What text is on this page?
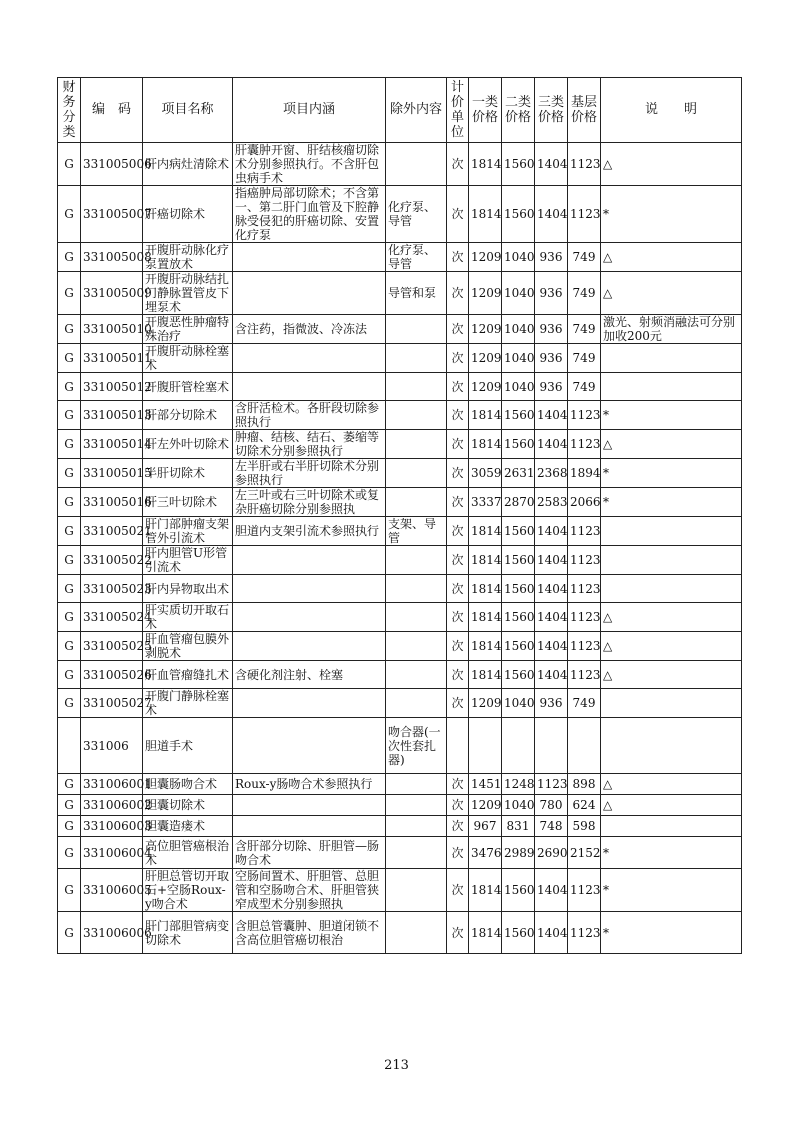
财务分类	编　码	项目名称	项目内涵	除外内容	计价单位	一类价格	二类价格	三类价格	基层价格	说　　明
G	331005006	肝内病灶清除术	肝囊肿开窗、肝结核瘤切除术分别参照执行。不含肝包虫病手术		次	1814	1560	1404	1123	△
G	331005007	肝癌切除术	指癌肿局部切除术；不含第一、第二肝门血管及下腔静脉受侵犯的肝癌切除、安置化疗泵	化疗泵、导管	次	1814	1560	1404	1123	*
G	331005008	开腹肝动脉化疗泵置放术		化疗泵、导管	次	1209	1040	936	749	△
G	331005009	开腹肝动脉结扎门静脉置管皮下埋泵术		导管和泵	次	1209	1040	936	749	△
G	331005010	开腹恶性肿瘤特殊治疗	含注药，指微波、冷冻法		次	1209	1040	936	749	激光、射频消融法可分别加收200元
G	331005011	开腹肝动脉栓塞术			次	1209	1040	936	749	
G	331005012	开腹肝管栓塞术			次	1209	1040	936	749	
G	331005013	肝部分切除术	含肝活检术。各肝段切除参照执行		次	1814	1560	1404	1123	*
G	331005014	肝左外叶切除术	肿瘤、结核、结石、萎缩等切除术分别参照执行		次	1814	1560	1404	1123	△
G	331005015	半肝切除术	左半肝或右半肝切除术分别参照执行		次	3059	2631	2368	1894	*
G	331005016	肝三叶切除术	左三叶或右三叶切除术或复杂肝癌切除分别参照执		次	3337	2870	2583	2066	*
G	331005021	肝门部肿瘤支架管外引流术	胆道内支架引流术参照执行	支架、导管	次	1814	1560	1404	1123	
G	331005022	肝内胆管U形管引流术			次	1814	1560	1404	1123	
G	331005023	肝内异物取出术			次	1814	1560	1404	1123	
G	331005024	肝实质切开取石术			次	1814	1560	1404	1123	△
G	331005025	肝血管瘤包膜外剥脱术			次	1814	1560	1404	1123	△
G	331005026	肝血管瘤缝扎术	含硬化剂注射、栓塞		次	1814	1560	1404	1123	△
G	331005027	开腹门静脉栓塞术			次	1209	1040	936	749	
	331006	胆道手术		吻合器(一次性套扎器)						
G	331006001	胆囊肠吻合术	Roux-y肠吻合术参照执行		次	1451	1248	1123	898	△
G	331006002	胆囊切除术			次	1209	1040	780	624	△
G	331006003	胆囊造瘘术			次	967	831	748	598	
G	331006004	高位胆管癌根治术	含肝部分切除、肝胆管—肠吻合术		次	3476	2989	2690	2152	*
G	331006005	肝胆总管切开取石+空肠Roux-y吻合术	空肠间置术、肝胆管、总胆管和空肠吻合术、肝胆管狭窄成型术分别参照执		次	1814	1560	1404	1123	*
G	331006006	肝门部胆管病变切除术	含胆总管囊肿、胆道闭锁不含高位胆管癌切根治		次	1814	1560	1404	1123	*
213
